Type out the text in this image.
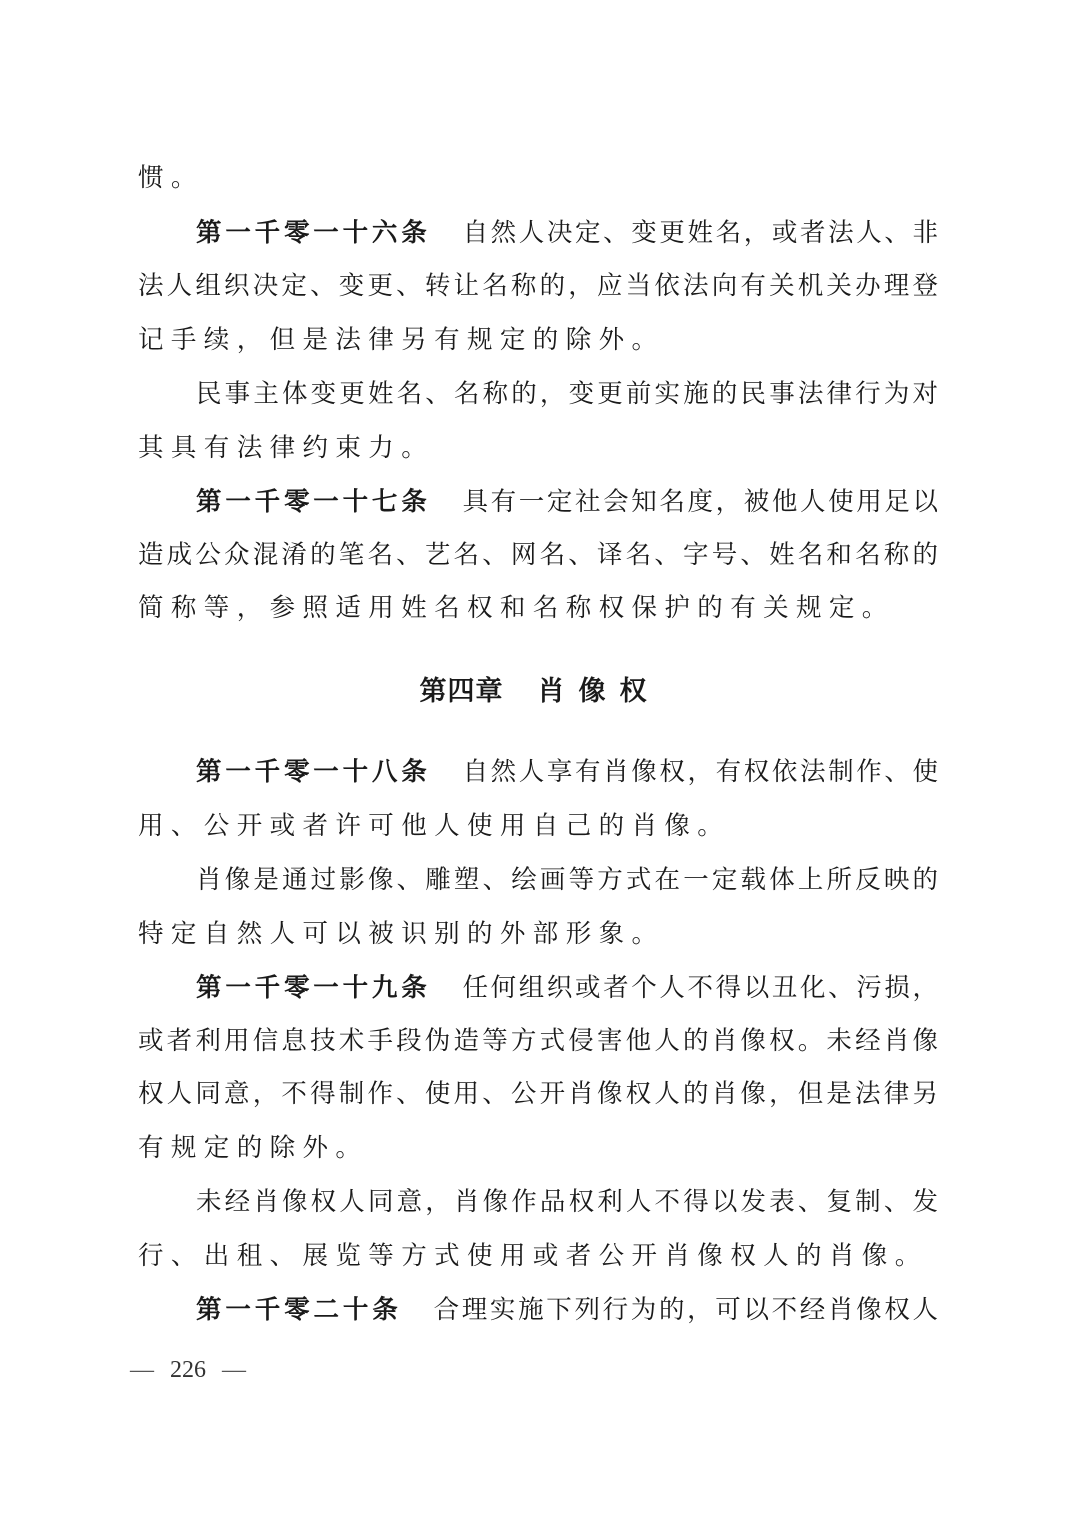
惯。
第一千零一十六条 自然人决定、变更姓名，或者法人、非
法人组织决定、变更、转让名称的，应当依法向有关机关办理登
记手续，但是法律另有规定的除外。
民事主体变更姓名、名称的，变更前实施的民事法律行为对
其具有法律约束力。
第一千零一十七条 具有一定社会知名度，被他人使用足以
造成公众混淆的笔名、艺名、网名、译名、字号、姓名和名称的
简称等，参照适用姓名权和名称权保护的有关规定。
第四章 肖像权
第一千零一十八条 自然人享有肖像权，有权依法制作、使
用、公开或者许可他人使用自己的肖像。
肖像是通过影像、雕塑、绘画等方式在一定载体上所反映的
特定自然人可以被识别的外部形象。
第一千零一十九条 任何组织或者个人不得以丑化、污损，
或者利用信息技术手段伪造等方式侵害他人的肖像权。未经肖像
权人同意，不得制作、使用、公开肖像权人的肖像，但是法律另
有规定的除外。
未经肖像权人同意，肖像作品权利人不得以发表、复制、发
行、出租、展览等方式使用或者公开肖像权人的肖像。
第一千零二十条 合理实施下列行为的，可以不经肖像权人
— 226 —
